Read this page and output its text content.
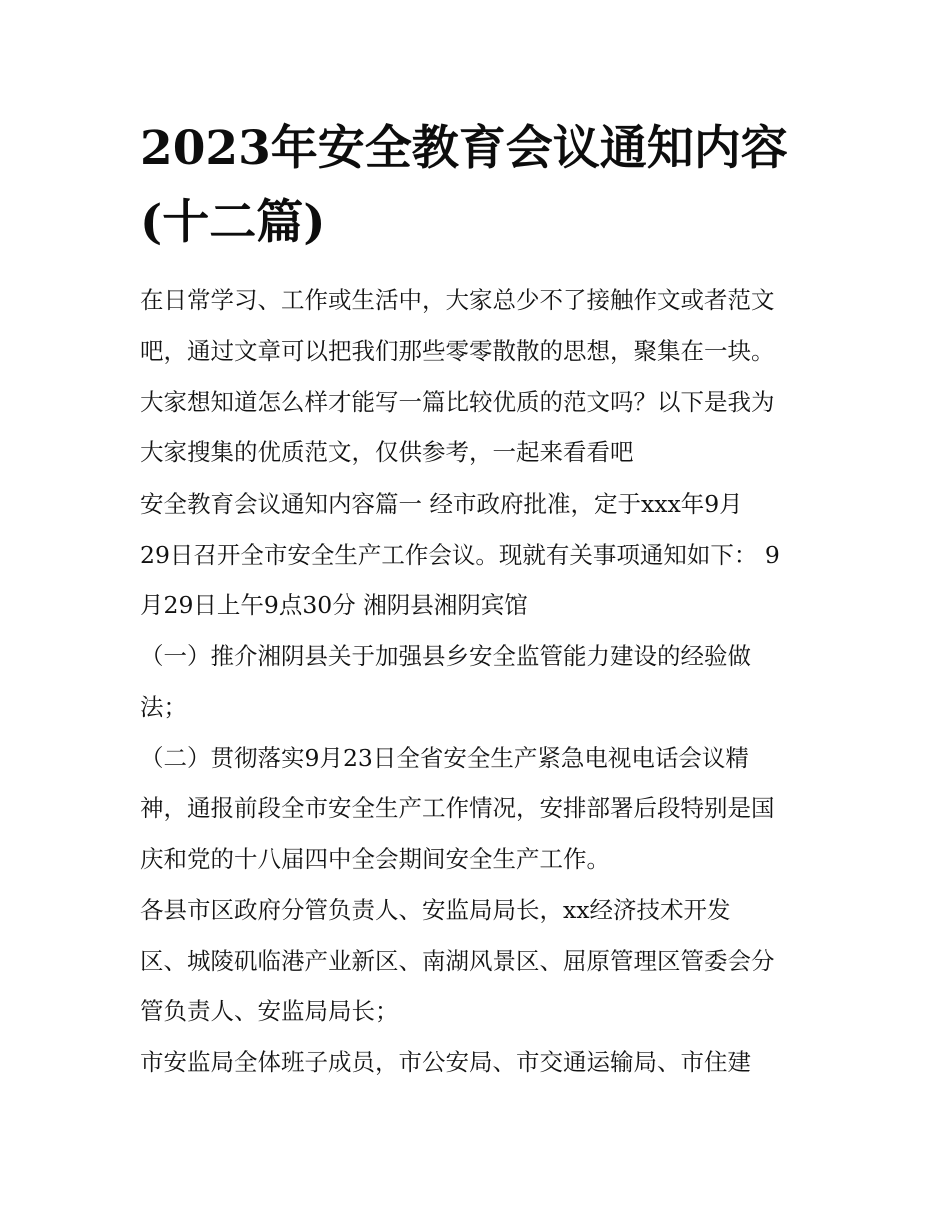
2023年安全教育会议通知内容
(十二篇)

在日常学习、工作或生活中，大家总少不了接触作文或者范文

吧，通过文章可以把我们那些零零散散的思想，聚集在一块。

大家想知道怎么样才能写一篇比较优质的范文吗？以下是我为

大家搜集的优质范文，仅供参考，一起来看看吧

安全教育会议通知内容篇一 经市政府批准，定于xxx年9月

29日召开全市安全生产工作会议。现就有关事项通知如下： 9

月29日上午9点30分 湘阴县湘阴宾馆

（一）推介湘阴县关于加强县乡安全监管能力建设的经验做

法；

（二）贯彻落实9月23日全省安全生产紧急电视电话会议精

神，通报前段全市安全生产工作情况，安排部署后段特别是国

庆和党的十八届四中全会期间安全生产工作。

各县市区政府分管负责人、安监局局长，xx经济技术开发

区、城陵矶临港产业新区、南湖风景区、屈原管理区管委会分

管负责人、安监局局长；

市安监局全体班子成员，市公安局、市交通运输局、市住建
